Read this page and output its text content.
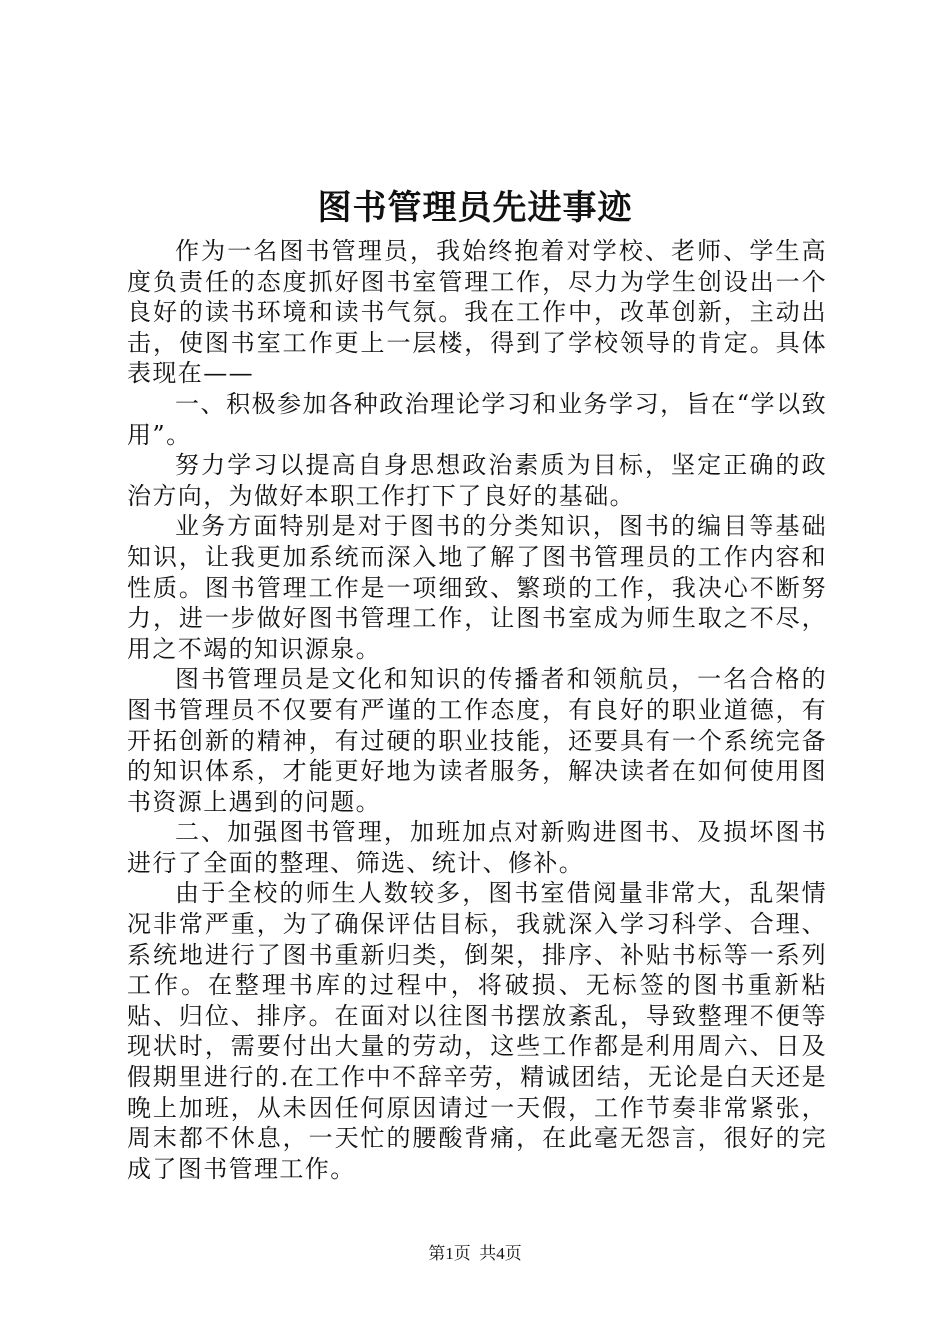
图书管理员先进事迹

作为一名图书管理员，我始终抱着对学校、老师、学生高度负责任的态度抓好图书室管理工作，尽力为学生创设出一个良好的读书环境和读书气氛。我在工作中，改革创新，主动出击，使图书室工作更上一层楼，得到了学校领导的肯定。具体表现在——

一、积极参加各种政治理论学习和业务学习，旨在“学以致用”。

努力学习以提高自身思想政治素质为目标，坚定正确的政治方向，为做好本职工作打下了良好的基础。

业务方面特别是对于图书的分类知识，图书的编目等基础知识，让我更加系统而深入地了解了图书管理员的工作内容和性质。图书管理工作是一项细致、繁琐的工作，我决心不断努力，进一步做好图书管理工作，让图书室成为师生取之不尽，用之不竭的知识源泉。

图书管理员是文化和知识的传播者和领航员，一名合格的图书管理员不仅要有严谨的工作态度，有良好的职业道德，有开拓创新的精神，有过硬的职业技能，还要具有一个系统完备的知识体系，才能更好地为读者服务，解决读者在如何使用图书资源上遇到的问题。

二、加强图书管理，加班加点对新购进图书、及损坏图书进行了全面的整理、筛选、统计、修补。

由于全校的师生人数较多，图书室借阅量非常大，乱架情况非常严重，为了确保评估目标，我就深入学习科学、合理、系统地进行了图书重新归类，倒架，排序、补贴书标等一系列工作。在整理书库的过程中，将破损、无标签的图书重新粘贴、归位、排序。在面对以往图书摆放紊乱，导致整理不便等现状时，需要付出大量的劳动，这些工作都是利用周六、日及假期里进行的.在工作中不辞辛劳，精诚团结，无论是白天还是晚上加班，从未因任何原因请过一天假，工作节奏非常紧张，周末都不休息，一天忙的腰酸背痛，在此毫无怨言，很好的完成了图书管理工作。

第1页  共4页
